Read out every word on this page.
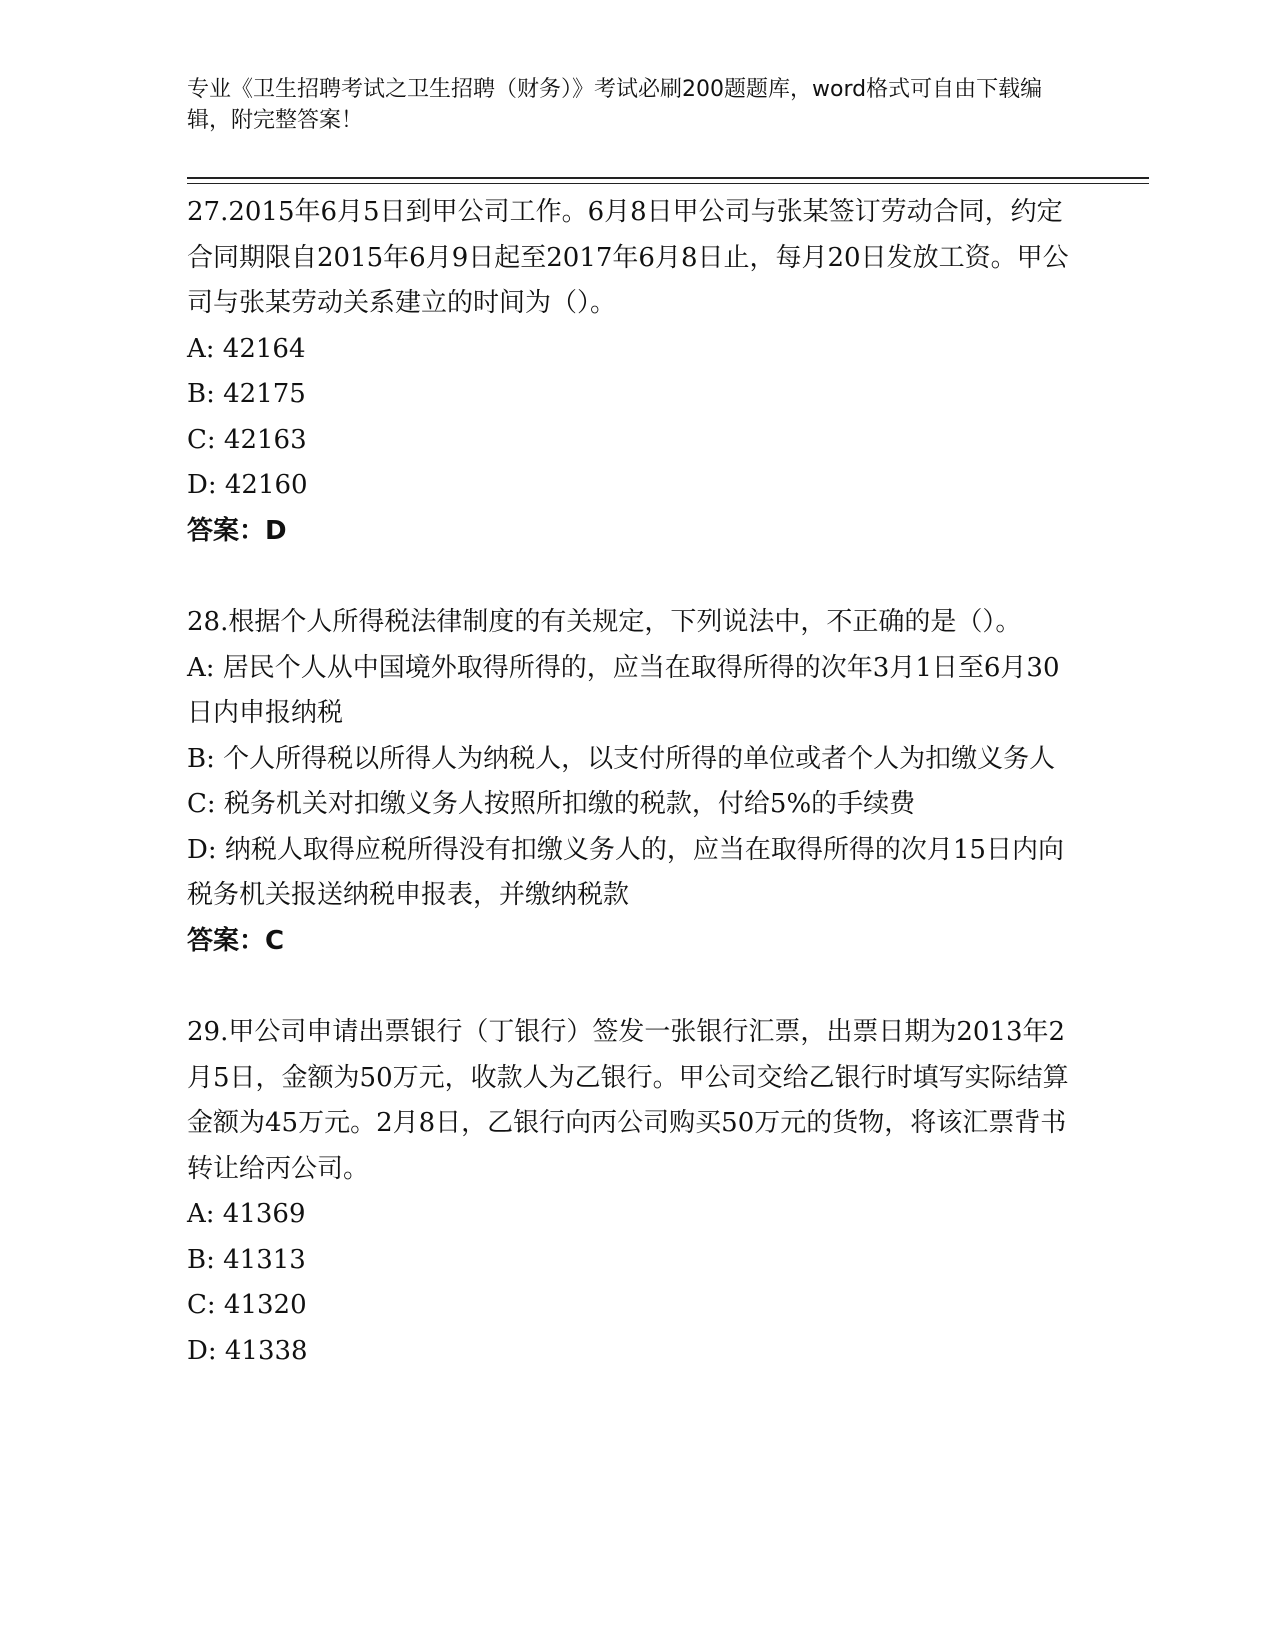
专业《卫生招聘考试之卫生招聘（财务）》考试必刷200题题库，word格式可自由下载编辑，附完整答案！

27.2015年6月5日到甲公司工作。6月8日甲公司与张某签订劳动合同，约定合同期限自2015年6月9日起至2017年6月8日止，每月20日发放工资。甲公司与张某劳动关系建立的时间为（）。

A: 42164

B: 42175

C: 42163

D: 42160

答案：D

28.根据个人所得税法律制度的有关规定，下列说法中，不正确的是（）。

A: 居民个人从中国境外取得所得的，应当在取得所得的次年3月1日至6月30日内申报纳税

B: 个人所得税以所得人为纳税人，以支付所得的单位或者个人为扣缴义务人

C: 税务机关对扣缴义务人按照所扣缴的税款，付给5%的手续费

D: 纳税人取得应税所得没有扣缴义务人的，应当在取得所得的次月15日内向税务机关报送纳税申报表，并缴纳税款

答案：C

29.甲公司申请出票银行（丁银行）签发一张银行汇票，出票日期为2013年2月5日，金额为50万元，收款人为乙银行。甲公司交给乙银行时填写实际结算金额为45万元。2月8日，乙银行向丙公司购买50万元的货物，将该汇票背书转让给丙公司。

A: 41369

B: 41313

C: 41320

D: 41338
